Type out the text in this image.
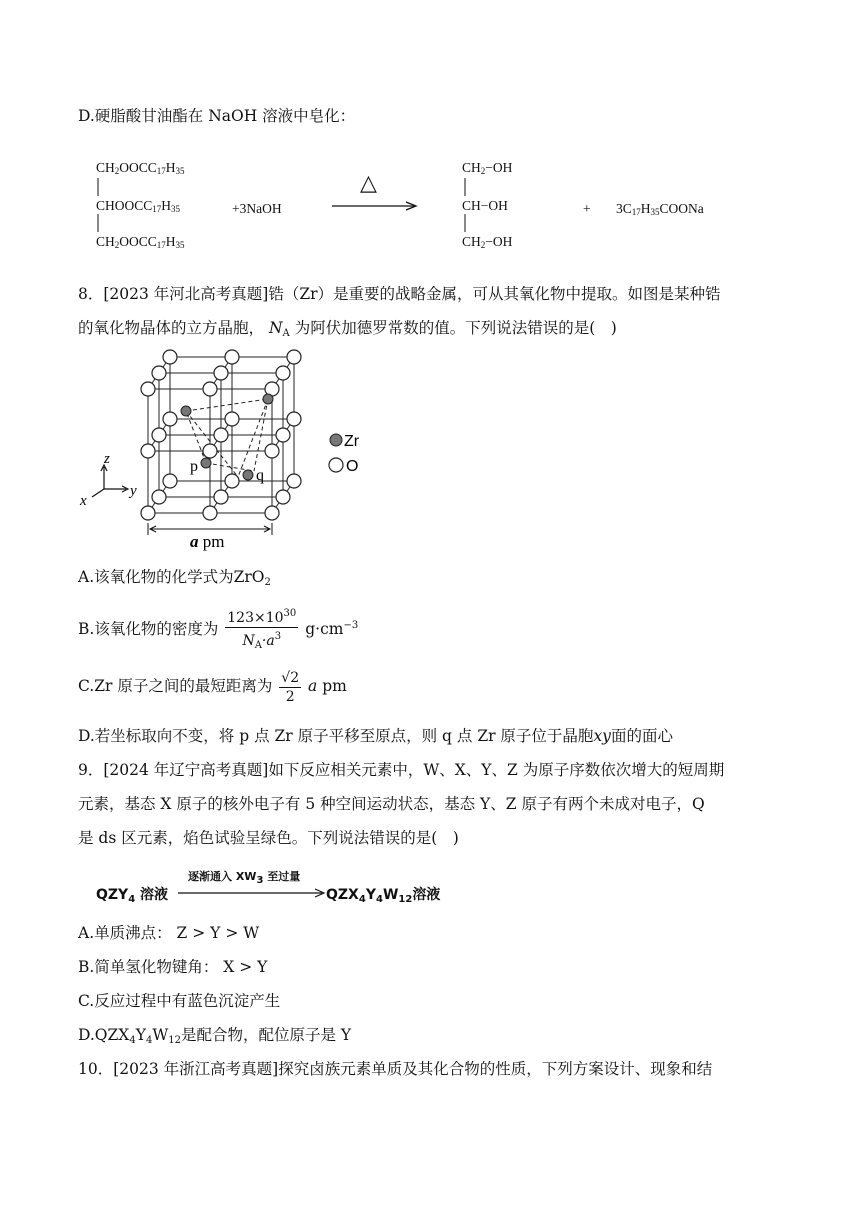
D.硬脂酸甘油酯在 NaOH 溶液中皂化：
CH2OOCC17H35
CHOOCC17H35
CH2OOCC17H35
+3NaOH
△
CH2−OH
CH−OH
CH2−OH
+ 3C17H35COONa
8．[2023 年河北高考真题]锆（Zr）是重要的战略金属，可从其氧化物中提取。如图是某种锆
的氧化物晶体的立方晶胞， $N_A$ 为阿伏加德罗常数的值。下列说法错误的是(　)
p
q
z
y
x
a pm
Zr
O
A.该氧化物的化学式为ZrO$_2$
B.该氧化物的密度为 $\frac{123\times 10^{30}}{N_A\cdot a^3} g\cdot cm^{-3}$
C.Zr 原子之间的最短距离为 $\frac{√2}{2}$ a pm
D.若坐标取向不变，将 p 点 Zr 原子平移至原点，则 q 点 Zr 原子位于晶胞xy面的面心
9．[2024 年辽宁高考真题]如下反应相关元素中，W、X、Y、Z 为原子序数依次增大的短周期
元素，基态 X 原子的核外电子有 5 种空间运动状态，基态 Y、Z 原子有两个未成对电子，Q
是 ds 区元素，焰色试验呈绿色。下列说法错误的是(　)
$QZY_4$ 溶液
逐渐通入 XW3 至过量
$QZX_4Y_4W_{12}$溶液
A.单质沸点： Z > Y > W
B.简单氢化物键角： X > Y
C.反应过程中有蓝色沉淀产生
$D.QZX_4Y_4W_{12}$是配合物，配位原子是 Y
10．[2023 年浙江高考真题]探究卤族元素单质及其化合物的性质，下列方案设计、现象和结
